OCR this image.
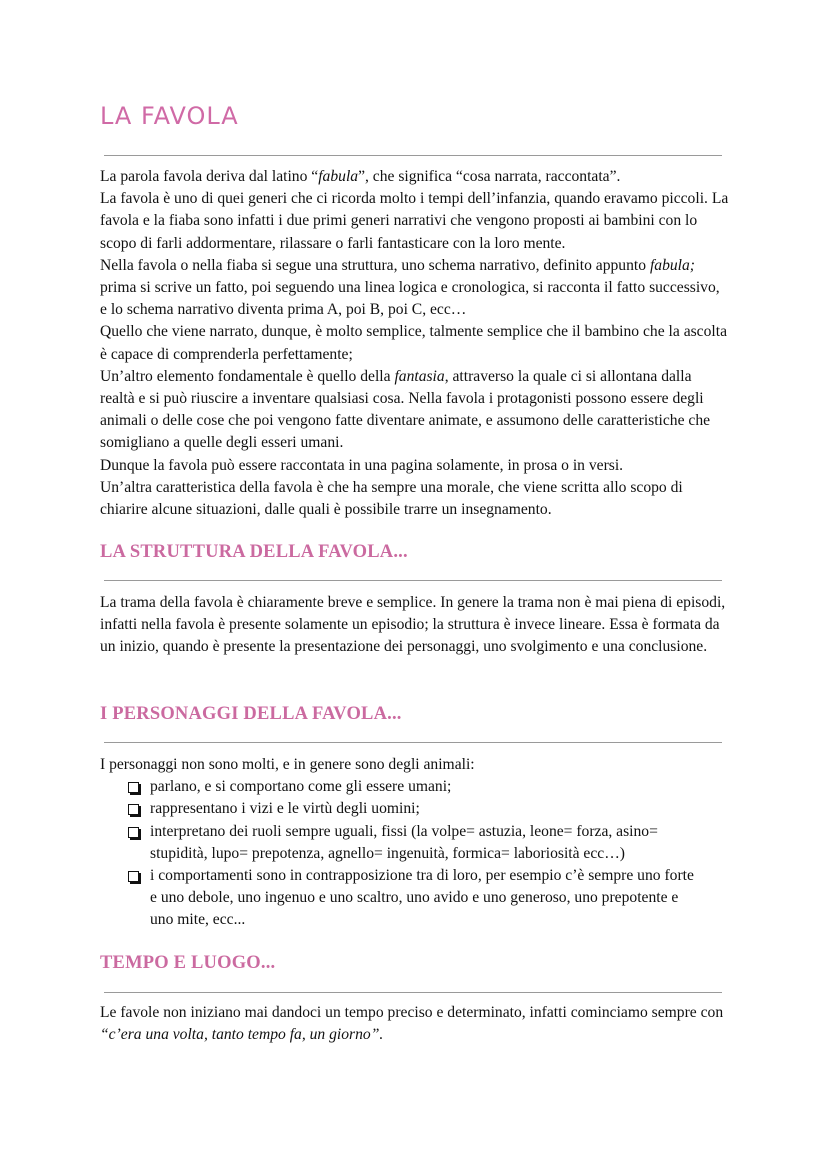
LA FAVOLA

La parola favola deriva dal latino “fabula”, che significa “cosa narrata, raccontata”.

La favola è uno di quei generi che ci ricorda molto i tempi dell’infanzia, quando eravamo piccoli. La favola e la fiaba sono infatti i due primi generi narrativi che vengono proposti ai bambini con lo scopo di farli addormentare, rilassare o farli fantasticare con la loro mente.

Nella favola o nella fiaba si segue una struttura, uno schema narrativo, definito appunto fabula; prima si scrive un fatto, poi seguendo una linea logica e cronologica, si racconta il fatto successivo, e lo schema narrativo diventa prima A, poi B, poi C, ecc…

Quello che viene narrato, dunque, è molto semplice, talmente semplice che il bambino che la ascolta è capace di comprenderla perfettamente;

Un’altro elemento fondamentale è quello della fantasia, attraverso la quale ci si allontana dalla realtà e si può riuscire a inventare qualsiasi cosa. Nella favola i protagonisti possono essere degli animali o delle cose che poi vengono fatte diventare animate, e assumono delle caratteristiche che somigliano a quelle degli esseri umani.

Dunque la favola può essere raccontata in una pagina solamente, in prosa o in versi.

Un’altra caratteristica della favola è che ha sempre una morale, che viene scritta allo scopo di chiarire alcune situazioni, dalle quali è possibile trarre un insegnamento.

LA STRUTTURA DELLA FAVOLA...

La trama della favola è chiaramente breve e semplice. In genere la trama non è mai piena di episodi, infatti nella favola è presente solamente un episodio; la struttura è invece lineare. Essa è formata da un inizio, quando è presente la presentazione dei personaggi, uno svolgimento e una conclusione.

I PERSONAGGI DELLA FAVOLA...

I personaggi non sono molti, e in genere sono degli animali:

parlano, e si comportano come gli essere umani;
rappresentano i vizi e le virtù degli uomini;
interpretano dei ruoli sempre uguali, fissi (la volpe= astuzia, leone= forza, asino= stupidità, lupo= prepotenza, agnello= ingenuità, formica= laboriosità ecc…)
i comportamenti sono in contrapposizione tra di loro, per esempio c’è sempre uno forte e uno debole, uno ingenuo e uno scaltro, uno avido e uno generoso, uno prepotente e uno mite, ecc...
TEMPO E LUOGO...

Le favole non iniziano mai dandoci un tempo preciso e determinato, infatti cominciamo sempre con “c’era una volta, tanto tempo fa, un giorno”.
